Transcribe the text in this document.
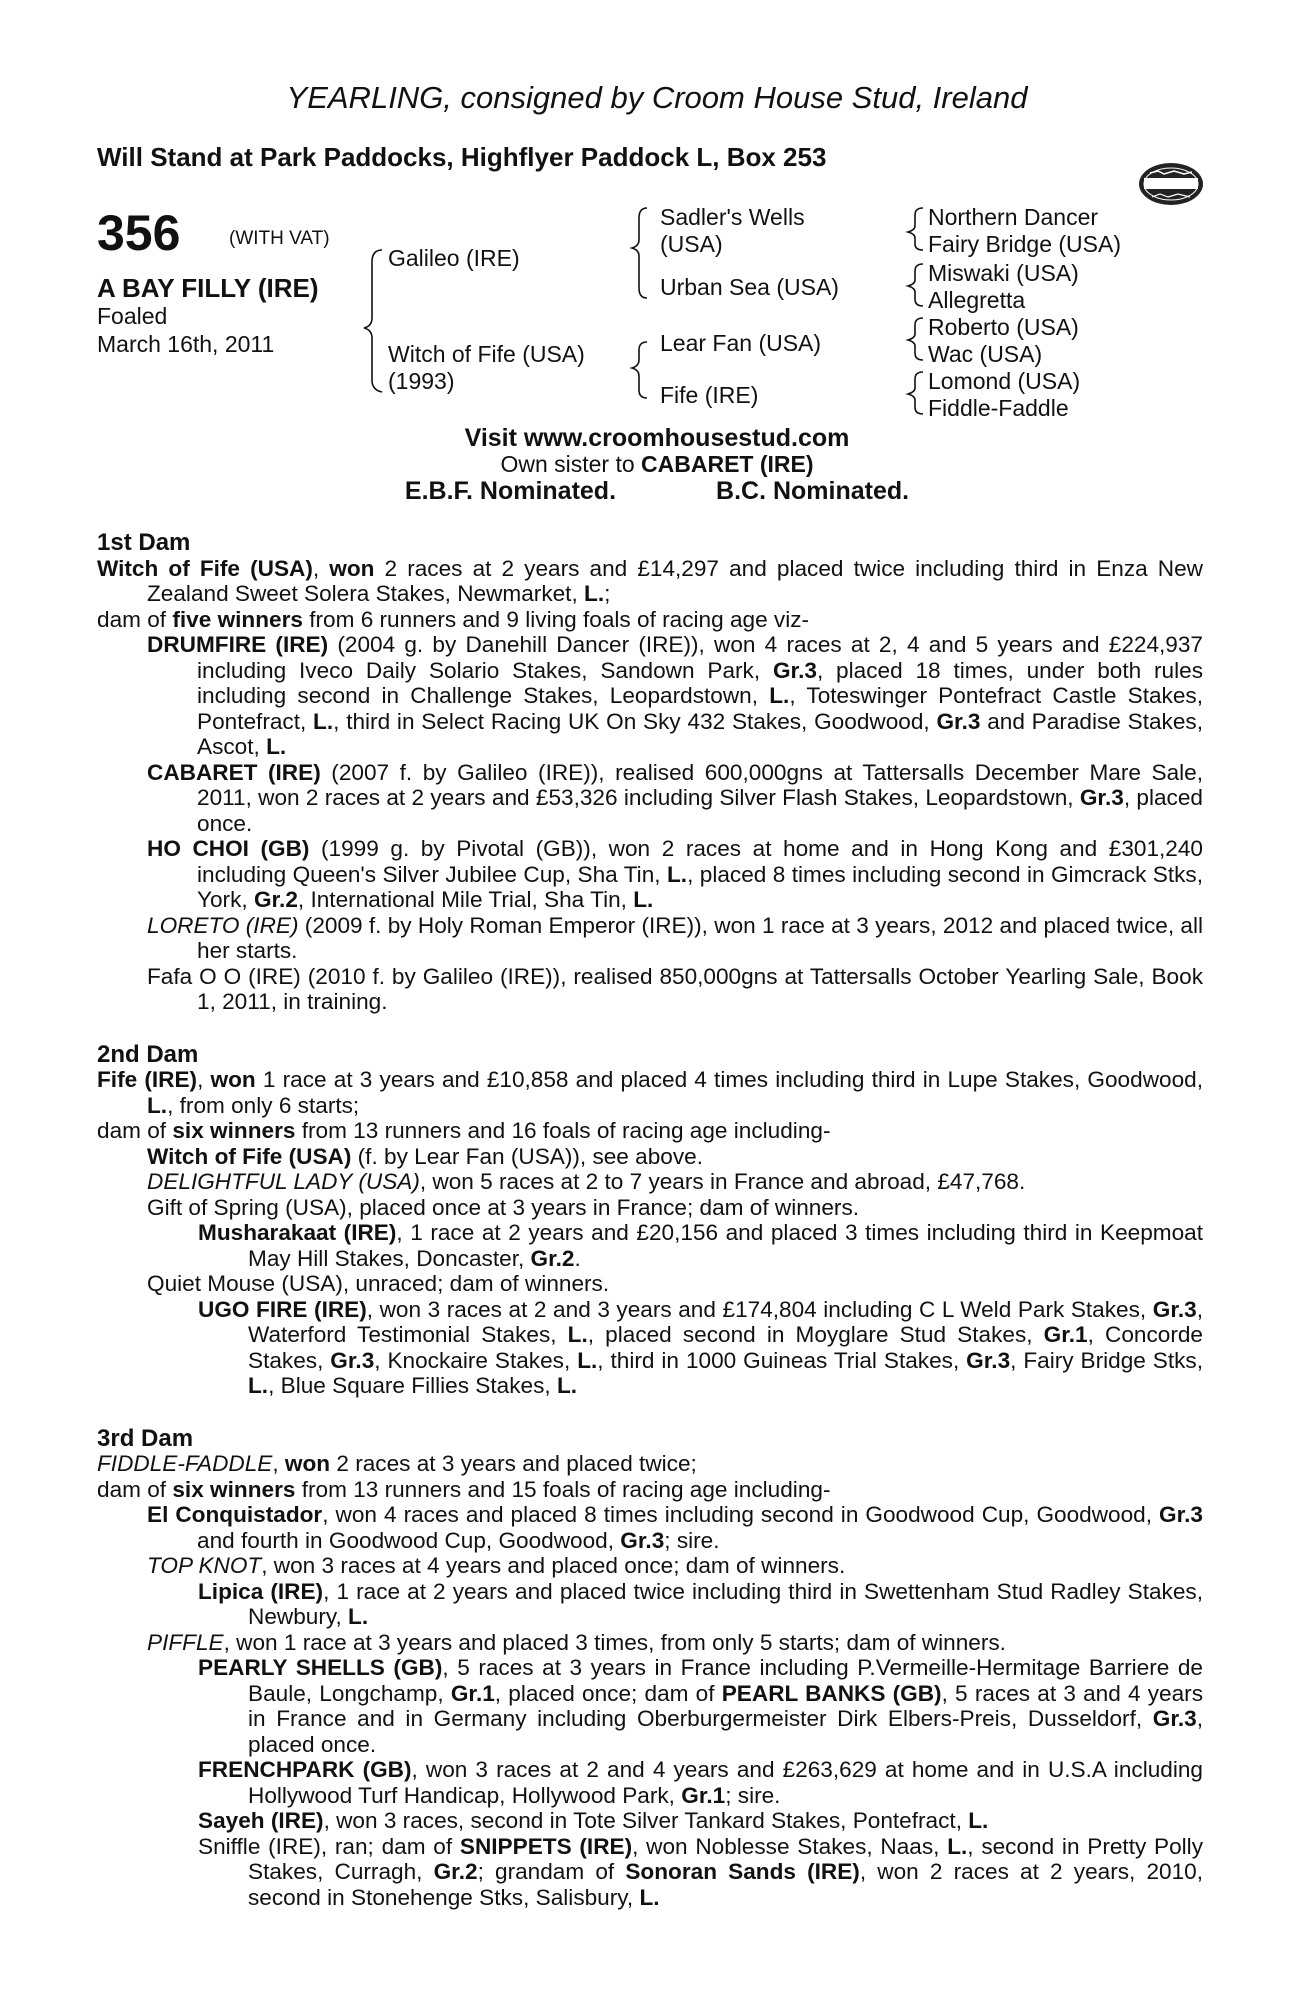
YEARLING, consigned by Croom House Stud, Ireland
Will Stand at Park Paddocks, Highflyer Paddock L, Box 253
356	(WITH VAT)
A BAY FILLY (IRE)
Foaled
March 16th, 2011
Galileo (IRE)
Witch of Fife (USA)
(1993)
Sadler's Wells
(USA)
Urban Sea (USA)
Lear Fan (USA)
Fife (IRE)
Northern Dancer
Fairy Bridge (USA)
Miswaki (USA)
Allegretta
Roberto (USA)
Wac (USA)
Lomond (USA)
Fiddle-Faddle
Visit www.croomhousestud.com
Own sister to CABARET (IRE)
E.B.F. Nominated.	B.C. Nominated.
1st Dam
Witch of Fife (USA), won 2 races at 2 years and £14,297 and placed twice including third in Enza New Zealand Sweet Solera Stakes, Newmarket, L.;
dam of five winners from 6 runners and 9 living foals of racing age viz-
DRUMFIRE (IRE) (2004 g. by Danehill Dancer (IRE)), won 4 races at 2, 4 and 5 years and £224,937 including Iveco Daily Solario Stakes, Sandown Park, Gr.3, placed 18 times, under both rules including second in Challenge Stakes, Leopardstown, L., Toteswinger Pontefract Castle Stakes, Pontefract, L., third in Select Racing UK On Sky 432 Stakes, Goodwood, Gr.3 and Paradise Stakes, Ascot, L.
CABARET (IRE) (2007 f. by Galileo (IRE)), realised 600,000gns at Tattersalls December Mare Sale, 2011, won 2 races at 2 years and £53,326 including Silver Flash Stakes, Leopardstown, Gr.3, placed once.
HO CHOI (GB) (1999 g. by Pivotal (GB)), won 2 races at home and in Hong Kong and £301,240 including Queen's Silver Jubilee Cup, Sha Tin, L., placed 8 times including second in Gimcrack Stks, York, Gr.2, International Mile Trial, Sha Tin, L.
LORETO (IRE) (2009 f. by Holy Roman Emperor (IRE)), won 1 race at 3 years, 2012 and placed twice, all her starts.
Fafa O O (IRE) (2010 f. by Galileo (IRE)), realised 850,000gns at Tattersalls October Yearling Sale, Book 1, 2011, in training.
2nd Dam
Fife (IRE), won 1 race at 3 years and £10,858 and placed 4 times including third in Lupe Stakes, Goodwood, L., from only 6 starts;
dam of six winners from 13 runners and 16 foals of racing age including-
Witch of Fife (USA) (f. by Lear Fan (USA)), see above.
DELIGHTFUL LADY (USA), won 5 races at 2 to 7 years in France and abroad, £47,768.
Gift of Spring (USA), placed once at 3 years in France; dam of winners.
Musharakaat (IRE), 1 race at 2 years and £20,156 and placed 3 times including third in Keepmoat May Hill Stakes, Doncaster, Gr.2.
Quiet Mouse (USA), unraced; dam of winners.
UGO FIRE (IRE), won 3 races at 2 and 3 years and £174,804 including C L Weld Park Stakes, Gr.3, Waterford Testimonial Stakes, L., placed second in Moyglare Stud Stakes, Gr.1, Concorde Stakes, Gr.3, Knockaire Stakes, L., third in 1000 Guineas Trial Stakes, Gr.3, Fairy Bridge Stks, L., Blue Square Fillies Stakes, L.
3rd Dam
FIDDLE-FADDLE, won 2 races at 3 years and placed twice;
dam of six winners from 13 runners and 15 foals of racing age including-
El Conquistador, won 4 races and placed 8 times including second in Goodwood Cup, Goodwood, Gr.3 and fourth in Goodwood Cup, Goodwood, Gr.3; sire.
TOP KNOT, won 3 races at 4 years and placed once; dam of winners.
Lipica (IRE), 1 race at 2 years and placed twice including third in Swettenham Stud Radley Stakes, Newbury, L.
PIFFLE, won 1 race at 3 years and placed 3 times, from only 5 starts; dam of winners.
PEARLY SHELLS (GB), 5 races at 3 years in France including P.Vermeille-Hermitage Barriere de Baule, Longchamp, Gr.1, placed once; dam of PEARL BANKS (GB), 5 races at 3 and 4 years in France and in Germany including Oberburgermeister Dirk Elbers-Preis, Dusseldorf, Gr.3, placed once.
FRENCHPARK (GB), won 3 races at 2 and 4 years and £263,629 at home and in U.S.A including Hollywood Turf Handicap, Hollywood Park, Gr.1; sire.
Sayeh (IRE), won 3 races, second in Tote Silver Tankard Stakes, Pontefract, L.
Sniffle (IRE), ran; dam of SNIPPETS (IRE), won Noblesse Stakes, Naas, L., second in Pretty Polly Stakes, Curragh, Gr.2; grandam of Sonoran Sands (IRE), won 2 races at 2 years, 2010, second in Stonehenge Stks, Salisbury, L.
